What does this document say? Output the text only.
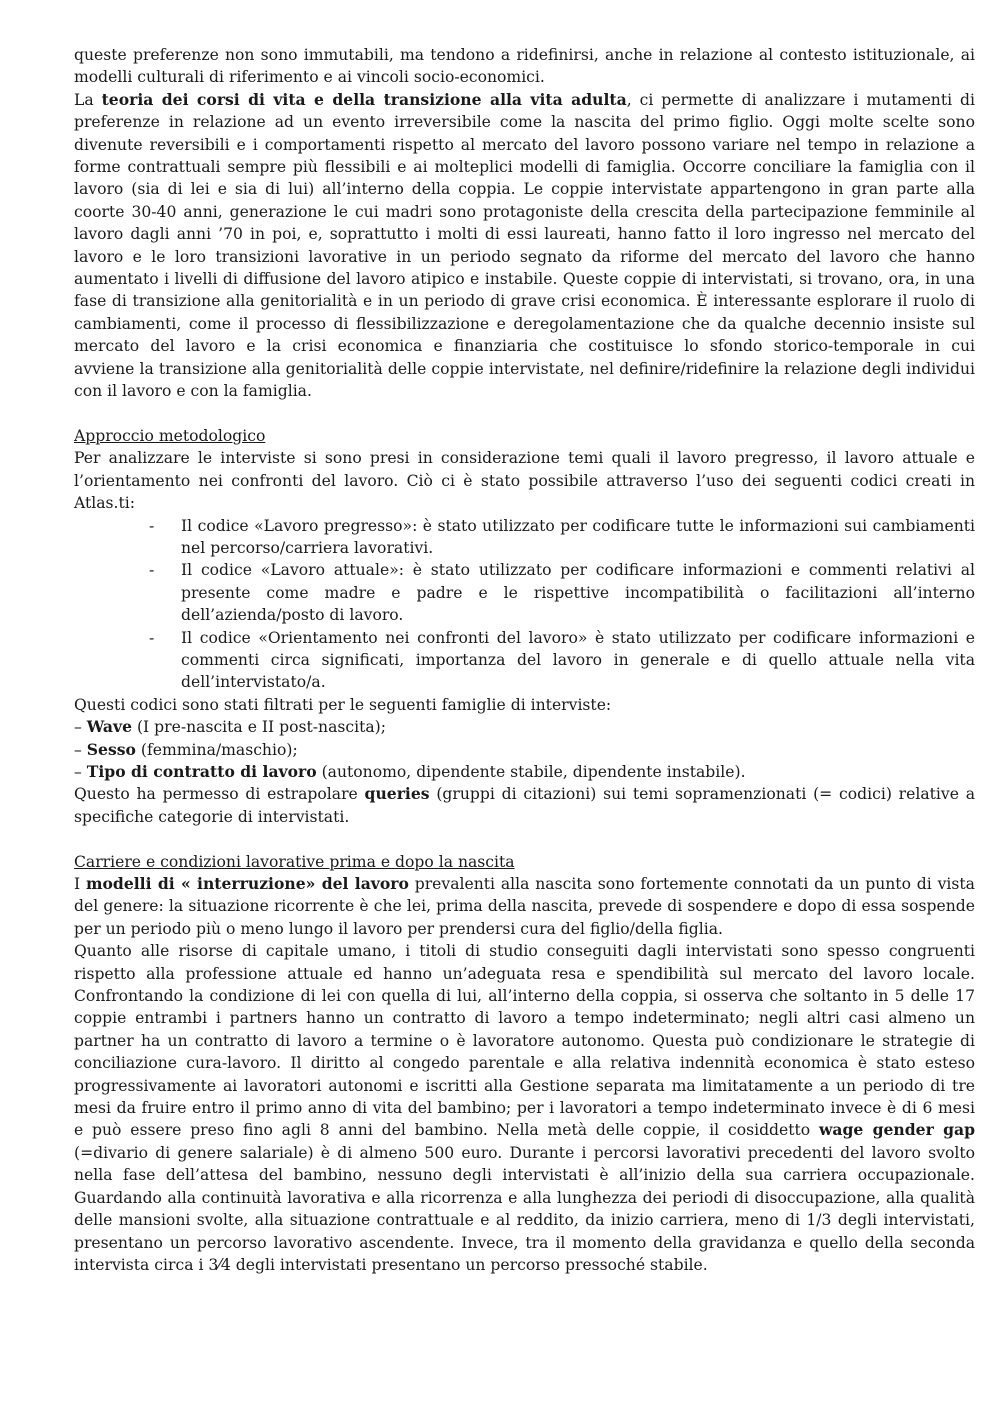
queste preferenze non sono immutabili, ma tendono a ridefinirsi, anche in relazione al contesto istituzionale, ai modelli culturali di riferimento e ai vincoli socio-economici.

La teoria dei corsi di vita e della transizione alla vita adulta, ci permette di analizzare i mutamenti di preferenze in relazione ad un evento irreversibile come la nascita del primo figlio. Oggi molte scelte sono divenute reversibili e i comportamenti rispetto al mercato del lavoro possono variare nel tempo in relazione a forme contrattuali sempre più flessibili e ai molteplici modelli di famiglia. Occorre conciliare la famiglia con il lavoro (sia di lei e sia di lui) all’interno della coppia. Le coppie intervistate appartengono in gran parte alla coorte 30-40 anni, generazione le cui madri sono protagoniste della crescita della partecipazione femminile al lavoro dagli anni ’70 in poi, e, soprattutto i molti di essi laureati, hanno fatto il loro ingresso nel mercato del lavoro e le loro transizioni lavorative in un periodo segnato da riforme del mercato del lavoro che hanno aumentato i livelli di diffusione del lavoro atipico e instabile. Queste coppie di intervistati, si trovano, ora, in una fase di transizione alla genitorialità e in un periodo di grave crisi economica. È interessante esplorare il ruolo di cambiamenti, come il processo di flessibilizzazione e deregolamentazione che da qualche decennio insiste sul mercato del lavoro e la crisi economica e finanziaria che costituisce lo sfondo storico-temporale in cui

avviene la transizione alla genitorialità delle coppie intervistate, nel definire/ridefinire la relazione degli individui con il lavoro e con la famiglia.

Approccio metodologico

Per analizzare le interviste si sono presi in considerazione temi quali il lavoro pregresso, il lavoro attuale e l’orientamento nei confronti del lavoro. Ciò ci è stato possibile attraverso l’uso dei seguenti codici creati in Atlas.ti:

- Il codice «Lavoro pregresso»: è stato utilizzato per codificare tutte le informazioni sui cambiamenti nel percorso/carriera lavorativi.
- Il codice «Lavoro attuale»: è stato utilizzato per codificare informazioni e commenti relativi al presente come madre e padre e le rispettive incompatibilità o facilitazioni all’interno dell’azienda/posto di lavoro.
- Il codice «Orientamento nei confronti del lavoro» è stato utilizzato per codificare informazioni e commenti circa significati, importanza del lavoro in generale e di quello attuale nella vita dell’intervistato/a.

Questi codici sono stati filtrati per le seguenti famiglie di interviste:

– Wave (I pre-nascita e II post-nascita);

– Sesso (femmina/maschio);

– Tipo di contratto di lavoro (autonomo, dipendente stabile, dipendente instabile).

Questo ha permesso di estrapolare queries (gruppi di citazioni) sui temi sopramenzionati (= codici) relative a specifiche categorie di intervistati.

Carriere e condizioni lavorative prima e dopo la nascita

I modelli di « interruzione» del lavoro prevalenti alla nascita sono fortemente connotati da un punto di vista del genere: la situazione ricorrente è che lei, prima della nascita, prevede di sospendere e dopo di essa sospende per un periodo più o meno lungo il lavoro per prendersi cura del figlio/della figlia.

Quanto alle risorse di capitale umano, i titoli di studio conseguiti dagli intervistati sono spesso congruenti rispetto alla professione attuale ed hanno un’adeguata resa e spendibilità sul mercato del lavoro locale. Confrontando la condizione di lei con quella di lui, all’interno della coppia, si osserva che soltanto in 5 delle 17 coppie entrambi i partners hanno un contratto di lavoro a tempo indeterminato; negli altri casi almeno un partner ha un contratto di lavoro a termine o è lavoratore autonomo. Questa può condizionare le strategie di conciliazione cura-lavoro. Il diritto al congedo parentale e alla relativa indennità economica è stato esteso progressivamente ai lavoratori autonomi e iscritti alla Gestione separata ma limitatamente a un periodo di tre mesi da fruire entro il primo anno di vita del bambino; per i lavoratori a tempo indeterminato invece è di 6 mesi e può essere preso fino agli 8 anni del bambino. Nella metà delle coppie, il cosiddetto wage gender gap (=divario di genere salariale) è di almeno 500 euro. Durante i percorsi lavorativi precedenti del lavoro svolto nella fase dell’attesa del bambino, nessuno degli intervistati è all’inizio della sua carriera occupazionale. Guardando alla continuità lavorativa e alla ricorrenza e alla lunghezza dei periodi di disoccupazione, alla qualità delle mansioni svolte, alla situazione contrattuale e al reddito, da inizio carriera, meno di 1/3 degli intervistati, presentano un percorso lavorativo ascendente. Invece, tra il momento della gravidanza e quello della seconda intervista circa i 3⁄4 degli intervistati presentano un percorso pressoché stabile.
